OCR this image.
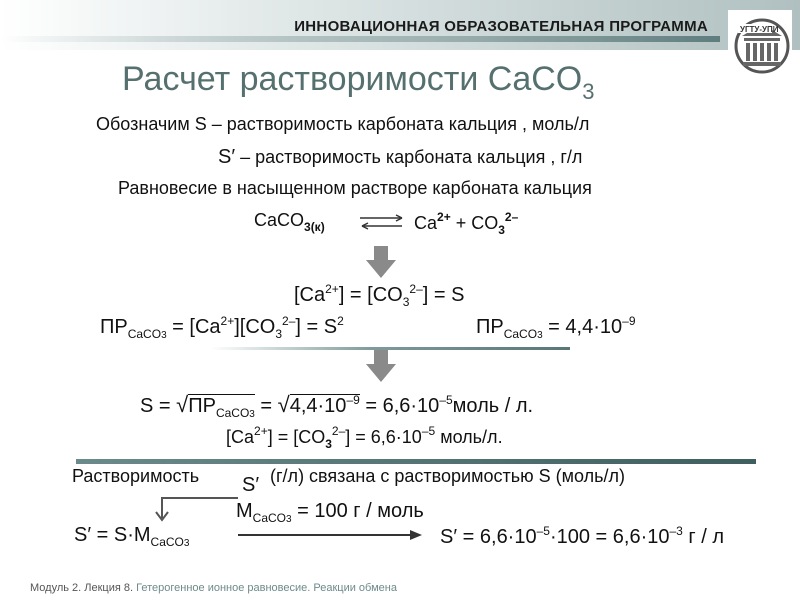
ИННОВАЦИОННАЯ ОБРАЗОВАТЕЛЬНАЯ ПРОГРАММА	УГТУ-УПИ
Расчет растворимости CaCO$_3$
Обозначим S – растворимость карбоната кальция , моль/л
S′ – растворимость карбоната кальция , г/л
Равновесие в насыщенном растворе карбоната кальция
CaCO$_{3(к)}$ ⇌ $Ca^{2+} + CO_3^{2-}$
$[Ca^{2+}] = [CO_3^{2-}] = S$
$ПР_{CaCO3} = [Ca^{2+}][CO_3^{2-}] = S^2$	$ПР_{CaCO3} = 4,4\cdot 10^{-9}$
$S = √ПР_{CaCO3} = √4,4\cdot 10^{-9}$ = $6,6\cdot 10^{-5}моль / л$.
$[Ca^{2+}] = [CO_3^{2-}] = 6,6\cdot 10^{-5}$ моль/л.
Растворимость S′ (г/л) связана с растворимостью S (моль/л)
$M_{CaCO3} = 100$ г / моль
$S' = S\cdot M_{CaCO3}$	$S' = 6,6\cdot 10^{-5}\cdot 100 = 6,6\cdot 10^{-3}$ г / л
Модуль 2. Лекция 8. Гетерогенное ионное равновесие. Реакции обмена
